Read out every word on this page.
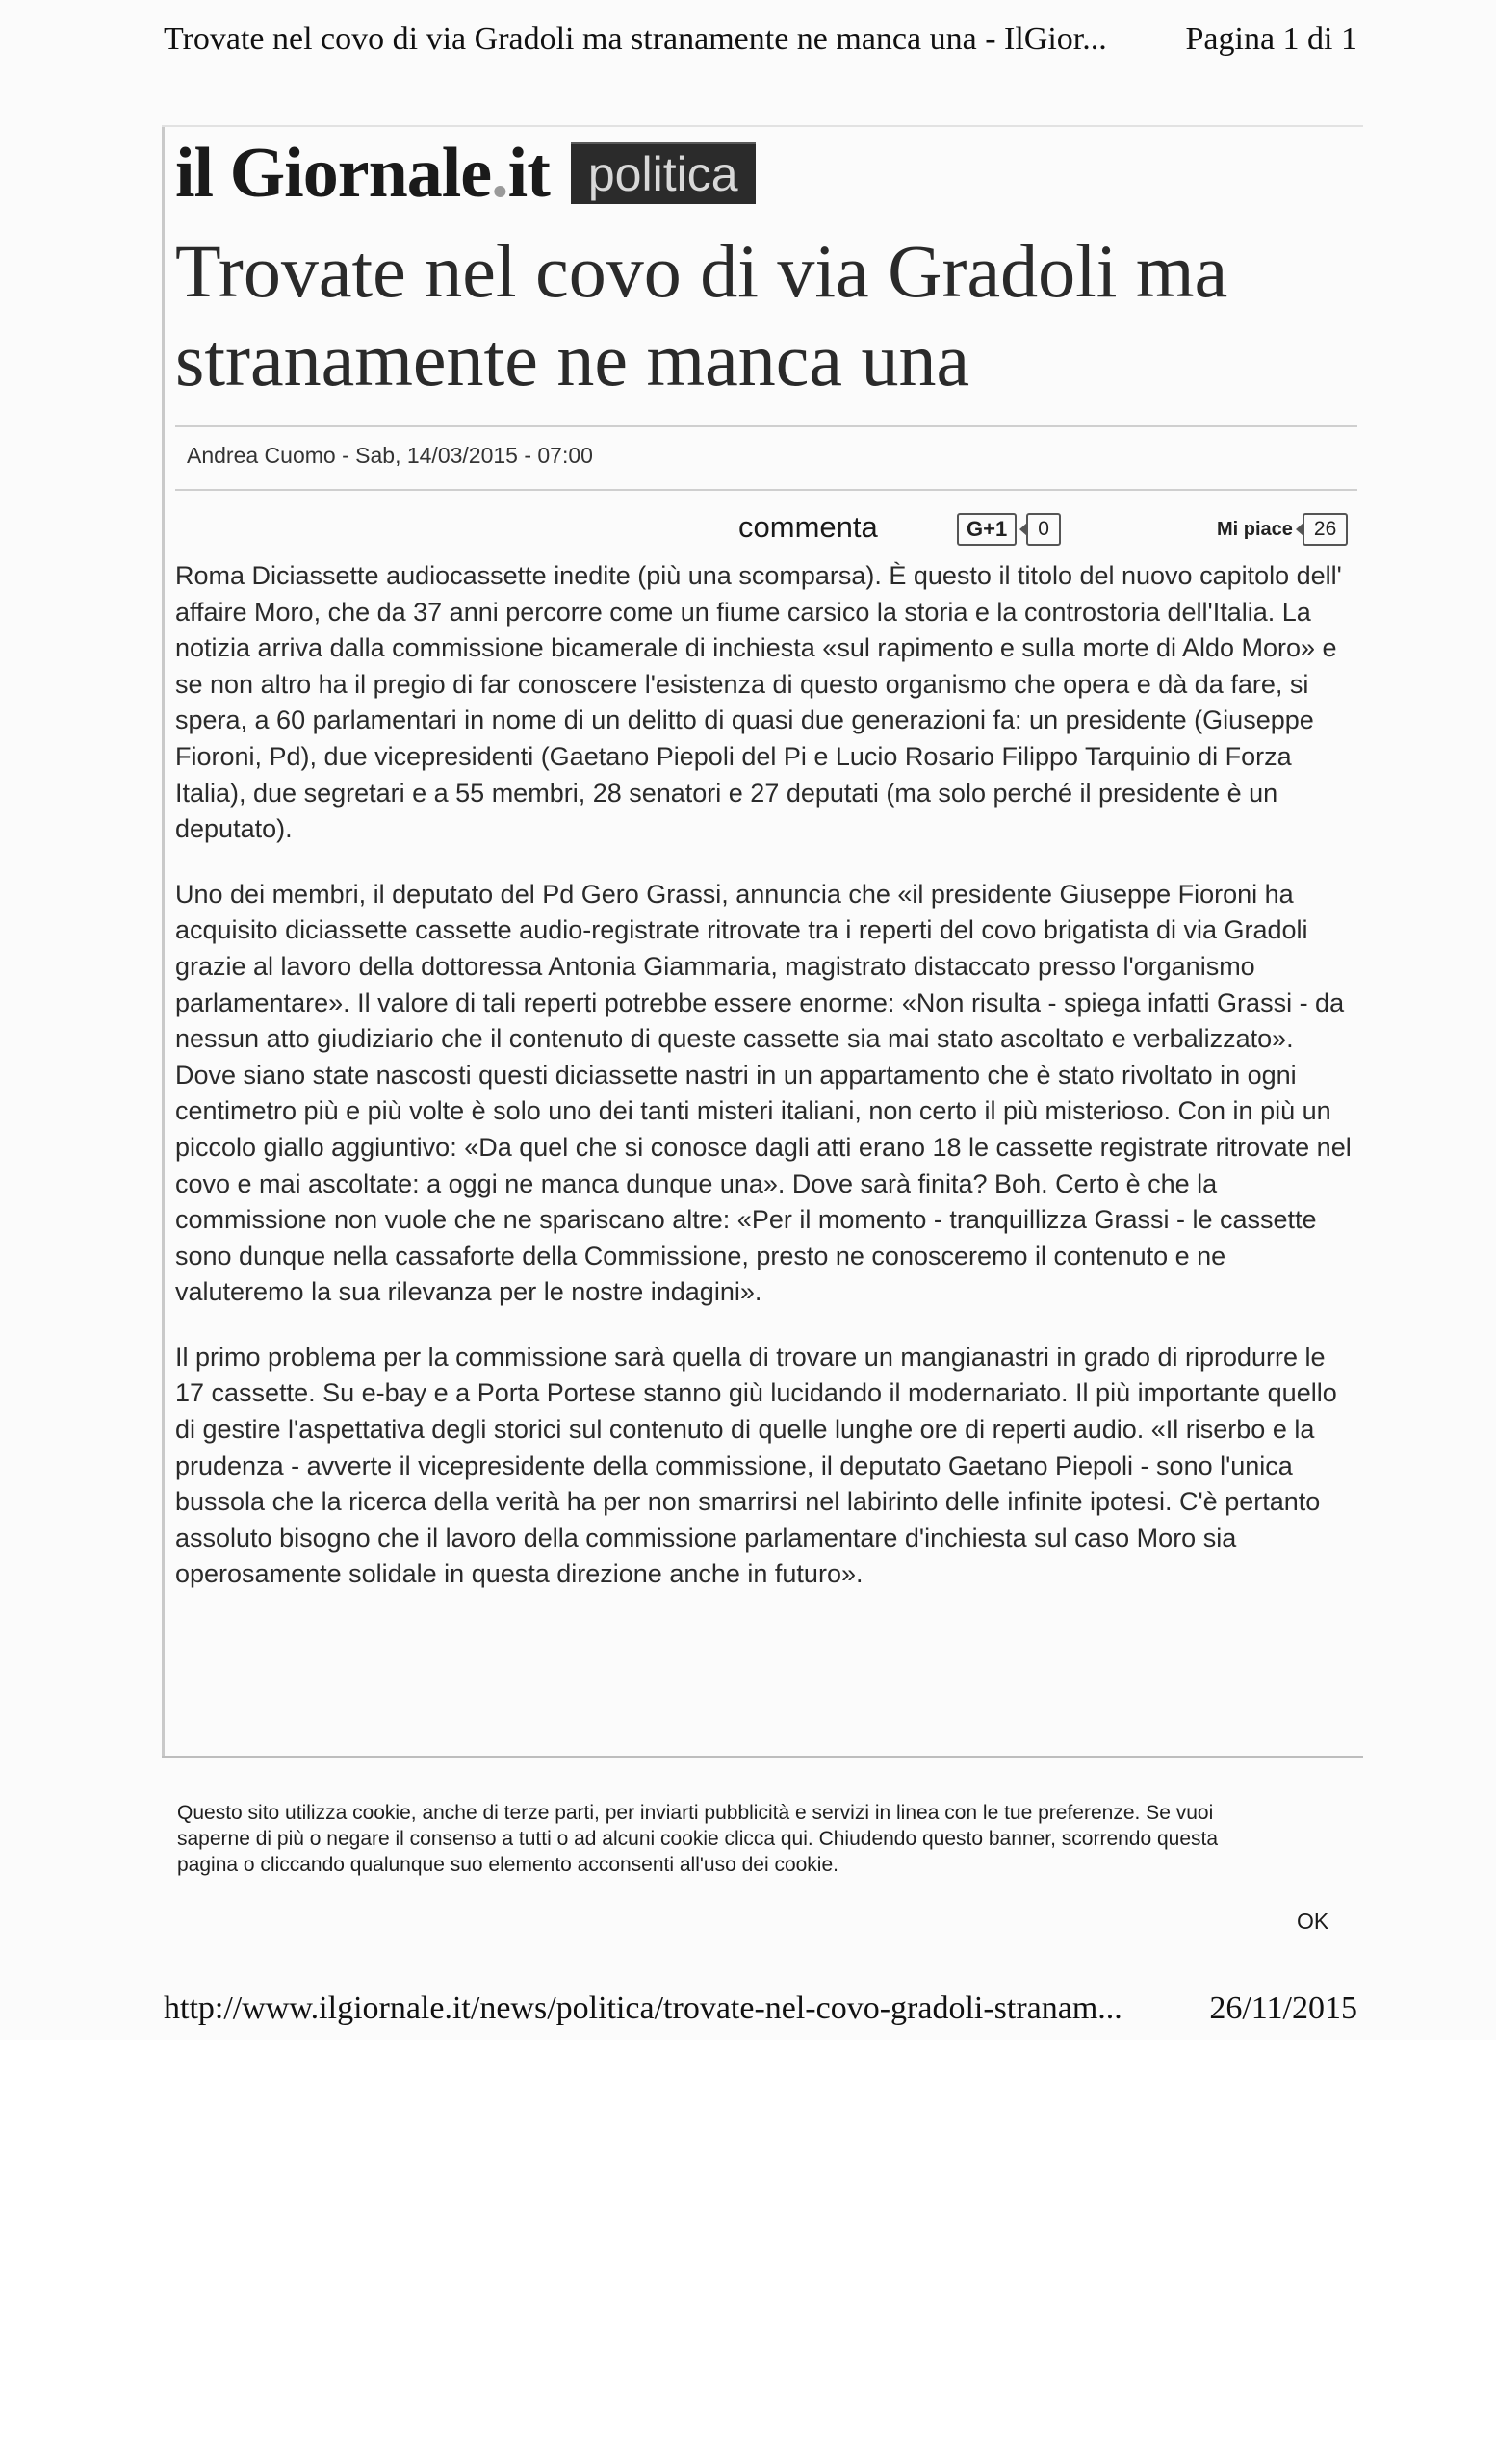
Trovate nel covo di via Gradoli ma stranamente ne manca una - IlGior... Pagina 1 di 1
il Giornale.it politica
Trovate nel covo di via Gradoli ma stranamente ne manca una
Andrea Cuomo - Sab, 14/03/2015 - 07:00
commenta	G+1	0	Mi piace	26

Roma Diciassette audiocassette inedite (più una scomparsa). È questo il titolo del nuovo capitolo dell' affaire Moro, che da 37 anni percorre come un fiume carsico la storia e la controstoria dell'Italia. La notizia arriva dalla commissione bicamerale di inchiesta «sul rapimento e sulla morte di Aldo Moro» e se non altro ha il pregio di far conoscere l'esistenza di questo organismo che opera e dà da fare, si spera, a 60 parlamentari in nome di un delitto di quasi due generazioni fa: un presidente (Giuseppe Fioroni, Pd), due vicepresidenti (Gaetano Piepoli del Pi e Lucio Rosario Filippo Tarquinio di Forza Italia), due segretari e a 55 membri, 28 senatori e 27 deputati (ma solo perché il presidente è un deputato).

Uno dei membri, il deputato del Pd Gero Grassi, annuncia che «il presidente Giuseppe Fioroni ha acquisito diciassette cassette audio-registrate ritrovate tra i reperti del covo brigatista di via Gradoli grazie al lavoro della dottoressa Antonia Giammaria, magistrato distaccato presso l'organismo parlamentare». Il valore di tali reperti potrebbe essere enorme: «Non risulta - spiega infatti Grassi - da nessun atto giudiziario che il contenuto di queste cassette sia mai stato ascoltato e verbalizzato». Dove siano state nascosti questi diciassette nastri in un appartamento che è stato rivoltato in ogni centimetro più e più volte è solo uno dei tanti misteri italiani, non certo il più misterioso. Con in più un piccolo giallo aggiuntivo: «Da quel che si conosce dagli atti erano 18 le cassette registrate ritrovate nel covo e mai ascoltate: a oggi ne manca dunque una». Dove sarà finita? Boh. Certo è che la commissione non vuole che ne spariscano altre: «Per il momento - tranquillizza Grassi - le cassette sono dunque nella cassaforte della Commissione, presto ne conosceremo il contenuto e ne valuteremo la sua rilevanza per le nostre indagini».

Il primo problema per la commissione sarà quella di trovare un mangianastri in grado di riprodurre le 17 cassette. Su e-bay e a Porta Portese stanno giù lucidando il modernariato. Il più importante quello di gestire l'aspettativa degli storici sul contenuto di quelle lunghe ore di reperti audio. «Il riserbo e la prudenza - avverte il vicepresidente della commissione, il deputato Gaetano Piepoli - sono l'unica bussola che la ricerca della verità ha per non smarrirsi nel labirinto delle infinite ipotesi. C'è pertanto assoluto bisogno che il lavoro della commissione parlamentare d'inchiesta sul caso Moro sia operosamente solidale in questa direzione anche in futuro».

Questo sito utilizza cookie, anche di terze parti, per inviarti pubblicità e servizi in linea con le tue preferenze. Se vuoi saperne di più o negare il consenso a tutti o ad alcuni cookie clicca qui. Chiudendo questo banner, scorrendo questa pagina o cliccando qualunque suo elemento acconsenti all'uso dei cookie.
OK
http://www.ilgiornale.it/news/politica/trovate-nel-covo-gradoli-stranam...	26/11/2015
